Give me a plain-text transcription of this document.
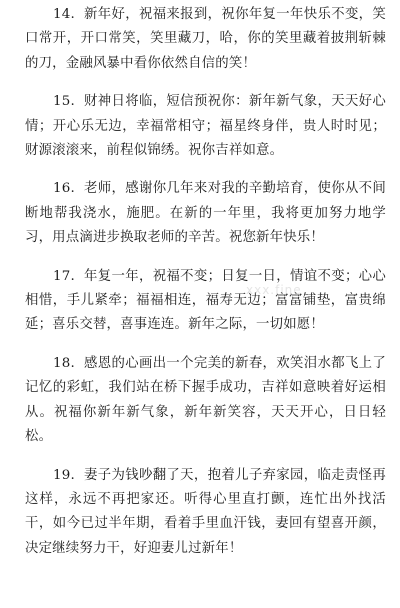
14. 新年好，祝福来报到，祝你年复一年快乐不变，笑口常开，开口常笑，笑里藏刀，哈，你的笑里藏着披荆斩棘的刀，金融风暴中看你依然自信的笑！

15. 财神日将临，短信预祝你：新年新气象，天天好心情；开心乐无边，幸福常相守；福星终身伴，贵人时时见；财源滚滚来，前程似锦绣。祝你吉祥如意。

16. 老师，感谢你几年来对我的辛勤培育，使你从不间断地帮我浇水，施肥。在新的一年里，我将更加努力地学习，用点滴进步换取老师的辛苦。祝您新年快乐！

17. 年复一年，祝福不变；日复一日，情谊不变；心心相惜，手儿紧牵；福福相连，福寿无边；富富铺垫，富贵绵延；喜乐交替，喜事连连。新年之际，一切如愿！

18. 感恩的心画出一个完美的新春，欢笑泪水都飞上了记忆的彩虹，我们站在桥下握手成功，吉祥如意映着好运相从。祝福你新年新气象，新年新笑容，天天开心，日日轻松。

19. 妻子为钱吵翻了天，抱着儿子弃家园，临走责怪再这样，永远不再把家还。听得心里直打颤，连忙出外找活干，如今已过半年期，看着手里血汗钱，妻回有望喜开颜，决定继续努力干，好迎妻儿过新年！

xxx.fine
